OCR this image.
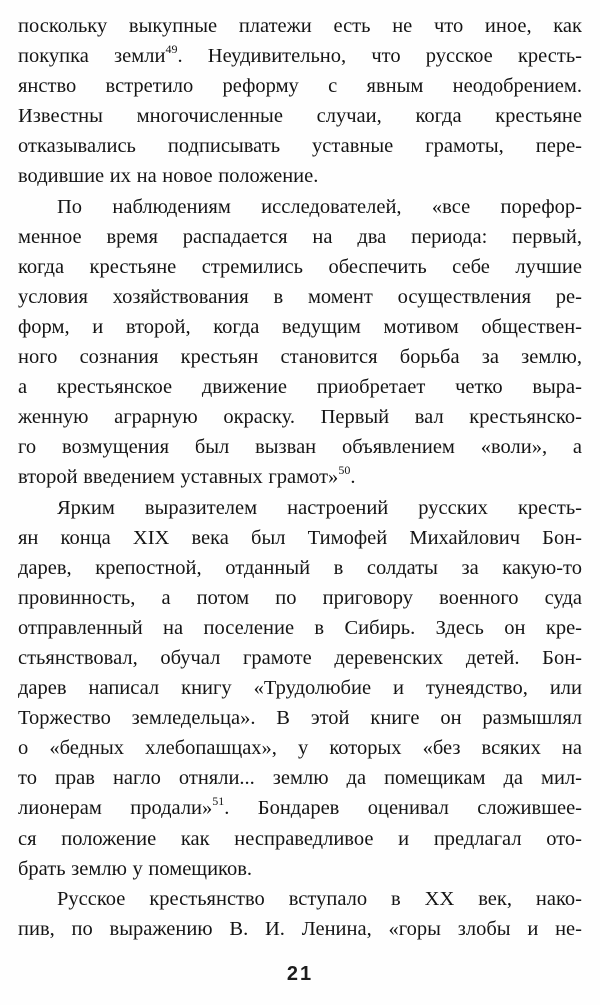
поскольку выкупные платежи есть не что иное, как
покупка земли$^{49}$. Неудивительно, что русское кресть-
янство встретило реформу с явным неодобрением.
Известны многочисленные случаи, когда крестьяне
отказывались подписывать уставные грамоты, пере-
водившие их на новое положение.
По наблюдениям исследователей, «все порефор-
менное время распадается на два периода: первый,
когда крестьяне стремились обеспечить себе лучшие
условия хозяйствования в момент осуществления ре-
форм, и второй, когда ведущим мотивом обществен-
ного сознания крестьян становится борьба за землю,
а крестьянское движение приобретает четко выра-
женную аграрную окраску. Первый вал крестьянско-
го возмущения был вызван объявлением «воли», а
второй введением уставных грамот»$^{50}$.
Ярким выразителем настроений русских кресть-
ян конца XIX века был Тимофей Михайлович Бон-
дарев, крепостной, отданный в солдаты за какую-то
провинность, а потом по приговору военного суда
отправленный на поселение в Сибирь. Здесь он кре-
стьянствовал, обучал грамоте деревенских детей. Бон-
дарев написал книгу «Трудолюбие и тунеядство, или
Торжество земледельца». В этой книге он размышлял
о «бедных хлебопашцах», у которых «без всяких на
то прав нагло отняли... землю да помещикам да мил-
лионерам продали»$^{51}$. Бондарев оценивал сложившее-
ся положение как несправедливое и предлагал ото-
брать землю у помещиков.
Русское крестьянство вступало в XX век, нако-
пив, по выражению В. И. Ленина, «горы злобы и не-
21
